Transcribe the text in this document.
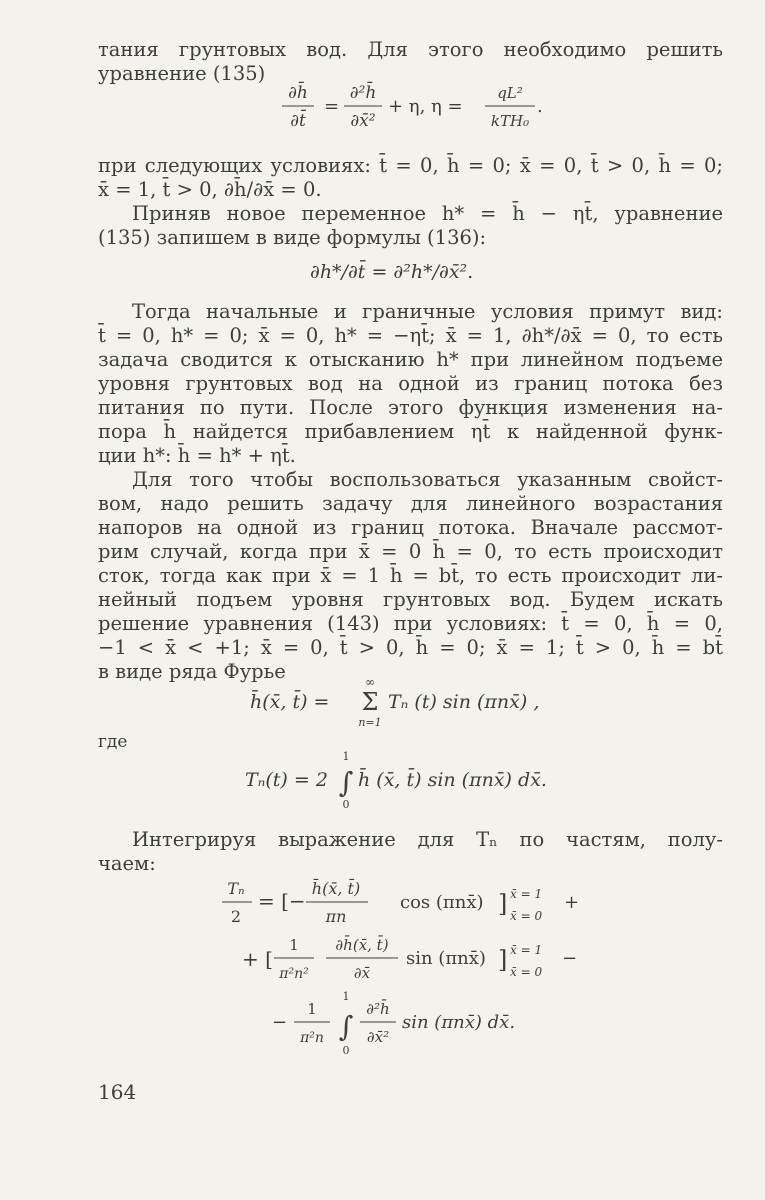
тания грунтовых вод. Для этого необходимо решить
уравнение (135)
∂h̄
∂t̄
=
∂²h̄
∂x̄²
+ η, η =
qL²
kTH₀
.
при следующих условиях: t̄ = 0, h̄ = 0; x̄ = 0, t̄ > 0, h̄ = 0;
x̄ = 1, t̄ > 0, ∂h̄/∂x̄ = 0.
Приняв новое переменное h* = h̄ − ηt̄, уравнение
(135) запишем в виде формулы (136):
∂h*/∂t̄ = ∂²h*/∂x̄².
Тогда начальные и граничные условия примут вид:
t̄ = 0, h* = 0; x̄ = 0, h* = −ηt̄; x̄ = 1, ∂h*/∂x̄ = 0, то есть
задача сводится к отысканию h* при линейном подъеме
уровня грунтовых вод на одной из границ потока без
питания по пути. После этого функция изменения на-
пора h̄ найдется прибавлением ηt̄ к найденной функ-
ции h*: h̄ = h* + ηt̄.
Для того чтобы воспользоваться указанным свойст-
вом, надо решить задачу для линейного возрастания
напоров на одной из границ потока. Вначале рассмот-
рим случай, когда при x̄ = 0 h̄ = 0, то есть происходит
сток, тогда как при x̄ = 1 h̄ = bt̄, то есть происходит ли-
нейный подъем уровня грунтовых вод. Будем искать
решение уравнения (143) при условиях: t̄ = 0, h̄ = 0,
−1 < x̄ < +1; x̄ = 0, t̄ > 0, h̄ = 0; x̄ = 1; t̄ > 0, h̄ = bt̄
в виде ряда Фурье
h̄(x̄, t̄) =
∞
Σ
n=1
Tₙ (t) sin (πnx̄) ,
где
Tₙ(t) = 2
1
∫
0
h̄ (x̄, t̄) sin (πnx̄) dx̄.
Интегрируя выражение для Tₙ по частям, полу-
чаем:
Tₙ
2
= [−
h̄(x̄, t̄)
πn
cos (πnx̄) ] x̄ = 1
x̄ = 0
+
+ [
1
π²n²
∂h̄(x̄, t̄)
∂x̄
sin (πnx̄) ] x̄ = 1
x̄ = 0
−
−
1
π²n
1
∫
0
∂²h̄
∂x̄²
sin (πnx̄) dx̄.
164
